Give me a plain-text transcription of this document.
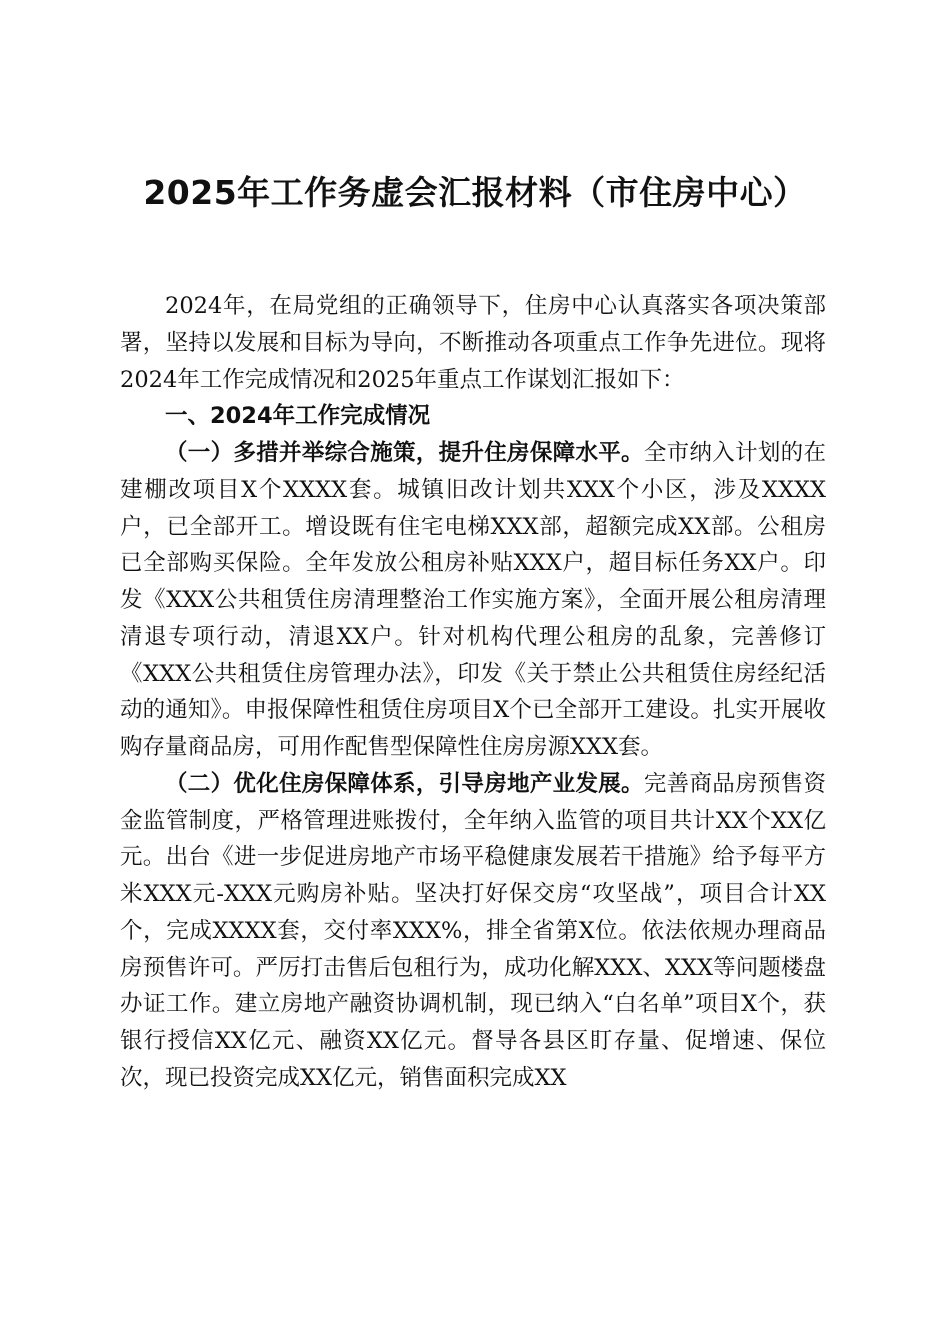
2025年工作务虚会汇报材料（市住房中心）

2024年，在局党组的正确领导下，住房中心认真落实各项决策部署，坚持以发展和目标为导向，不断推动各项重点工作争先进位。现将2024年工作完成情况和2025年重点工作谋划汇报如下：

一、2024年工作完成情况

（一）多措并举综合施策，提升住房保障水平。全市纳入计划的在建棚改项目X个XXXX套。城镇旧改计划共XXX个小区，涉及XXXX户，已全部开工。增设既有住宅电梯XXX部，超额完成XX部。公租房已全部购买保险。全年发放公租房补贴XXX户，超目标任务XX户。印发《XXX公共租赁住房清理整治工作实施方案》，全面开展公租房清理清退专项行动，清退XX户。针对机构代理公租房的乱象，完善修订《XXX公共租赁住房管理办法》，印发《关于禁止公共租赁住房经纪活动的通知》。申报保障性租赁住房项目X个已全部开工建设。扎实开展收购存量商品房，可用作配售型保障性住房房源XXX套。

（二）优化住房保障体系，引导房地产业发展。完善商品房预售资金监管制度，严格管理进账拨付，全年纳入监管的项目共计XX个XX亿元。出台《进一步促进房地产市场平稳健康发展若干措施》给予每平方米XXX元-XXX元购房补贴。坚决打好保交房“攻坚战”，项目合计XX个，完成XXXX套，交付率XXX%，排全省第X位。依法依规办理商品房预售许可。严厉打击售后包租行为，成功化解XXX、XXX等问题楼盘办证工作。建立房地产融资协调机制，现已纳入“白名单”项目X个，获银行授信XX亿元、融资XX亿元。督导各县区盯存量、促增速、保位次，现已投资完成XX亿元，销售面积完成XX
